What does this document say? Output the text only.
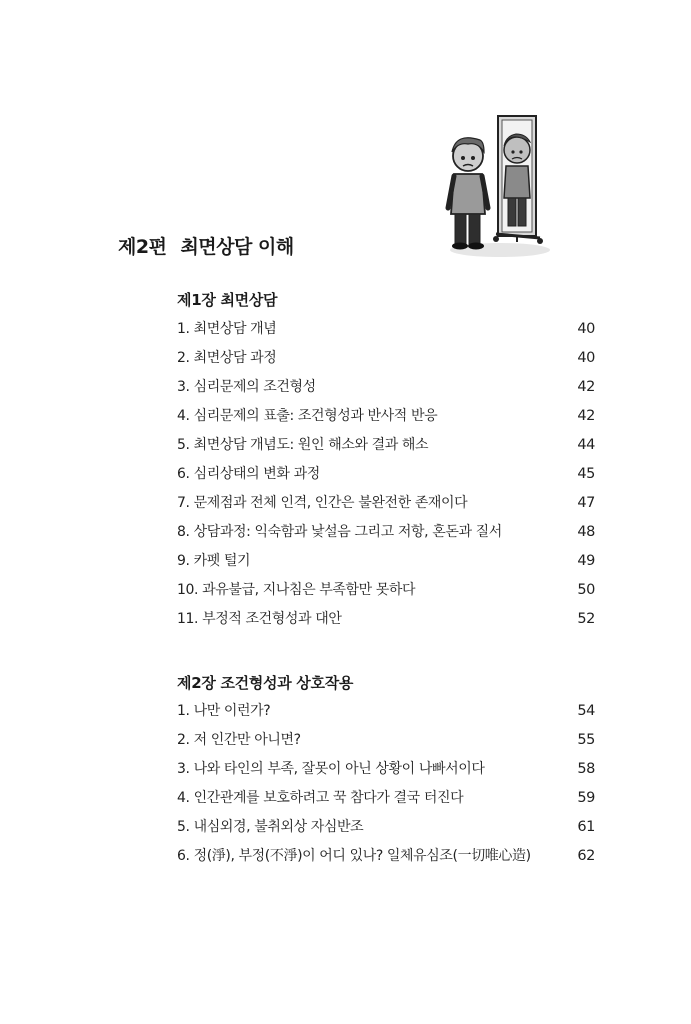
제2편 최면상담 이해
제1장 최면상담
1. 최면상담 개념	40
2. 최면상담 과정	40
3. 심리문제의 조건형성	42
4. 심리문제의 표출: 조건형성과 반사적 반응	42
5. 최면상담 개념도: 원인 해소와 결과 해소	44
6. 심리상태의 변화 과정	45
7. 문제점과 전체 인격, 인간은 불완전한 존재이다	47
8. 상담과정: 익숙함과 낯설음 그리고 저항, 혼돈과 질서	48
9. 카펫 털기	49
10. 과유불급, 지나침은 부족함만 못하다	50
11. 부정적 조건형성과 대안	52
제2장 조건형성과 상호작용
1. 나만 이런가?	54
2. 저 인간만 아니면?	55
3. 나와 타인의 부족, 잘못이 아닌 상황이 나빠서이다	58
4. 인간관계를 보호하려고 꾹 참다가 결국 터진다	59
5. 내심외경, 불취외상 자심반조	61
6. 정(淨), 부정(不淨)이 어디 있나? 일체유심조(一切唯心造)	62
